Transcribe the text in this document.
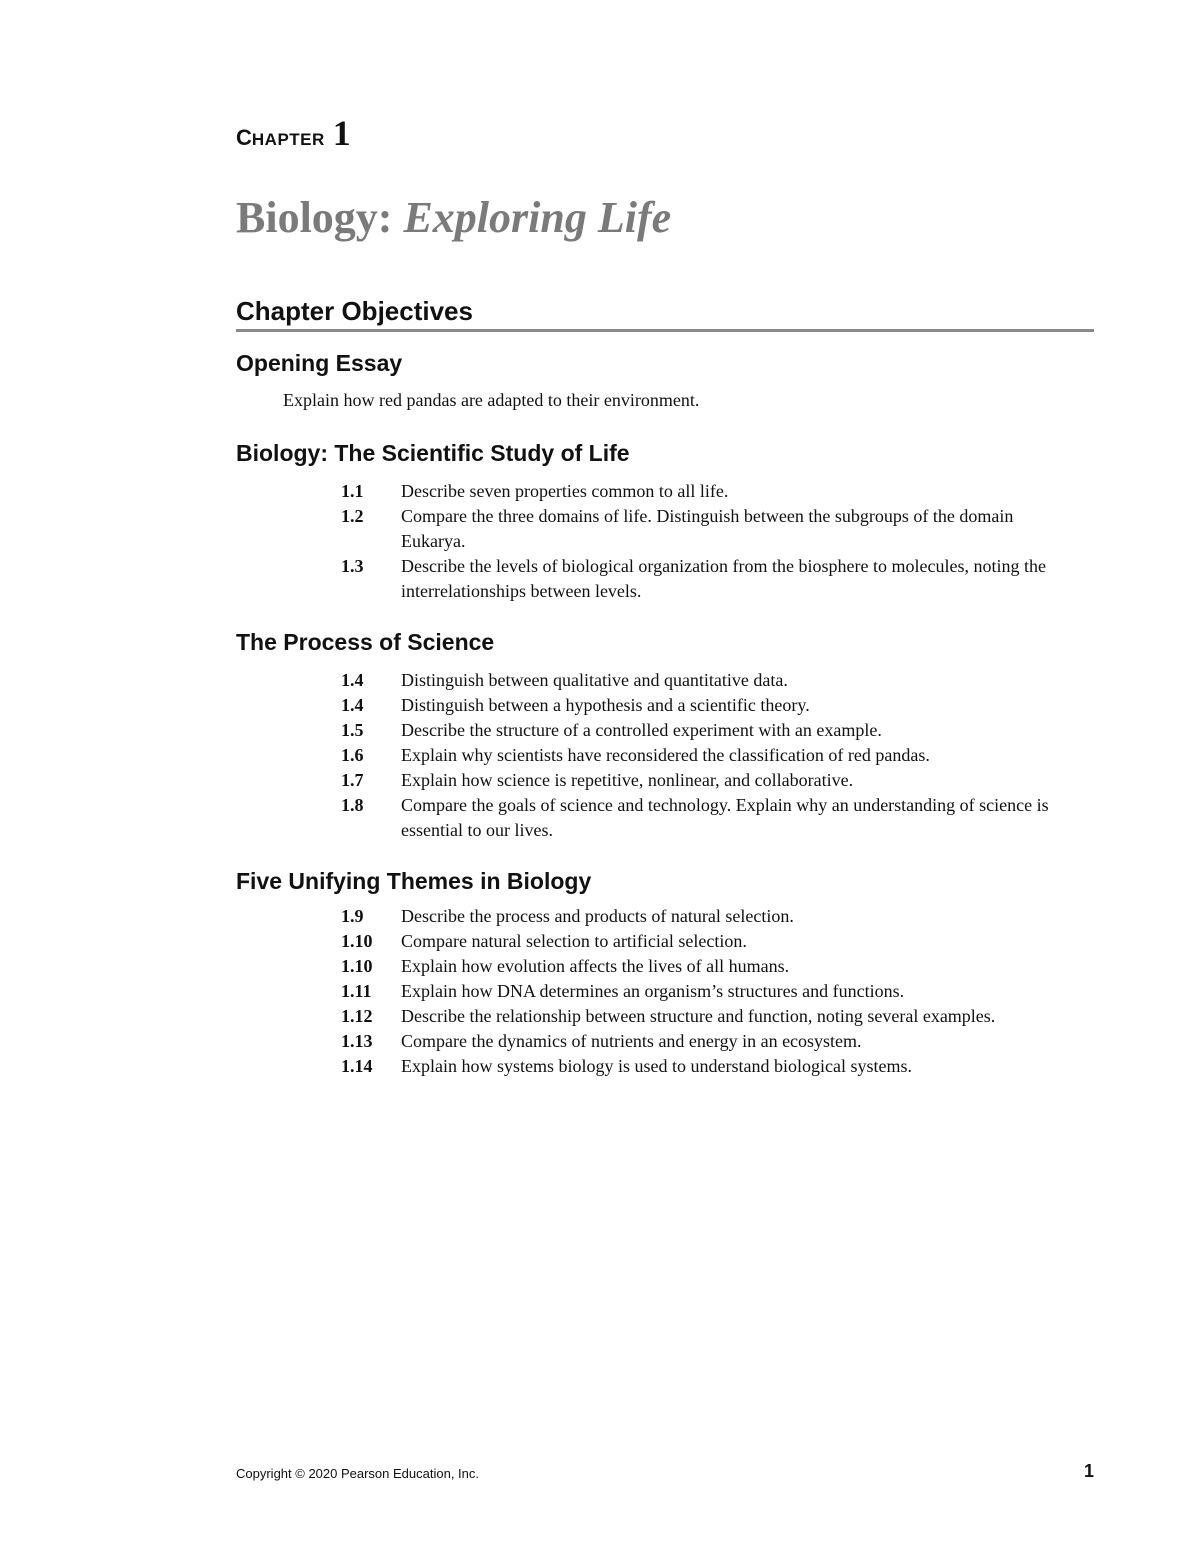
CHAPTER 1
Biology: Exploring Life
Chapter Objectives
Opening Essay
Explain how red pandas are adapted to their environment.
Biology: The Scientific Study of Life
1.1	Describe seven properties common to all life.
1.2	Compare the three domains of life. Distinguish between the subgroups of the domain Eukarya.
1.3	Describe the levels of biological organization from the biosphere to molecules, noting the interrelationships between levels.
The Process of Science
1.4	Distinguish between qualitative and quantitative data.
1.4	Distinguish between a hypothesis and a scientific theory.
1.5	Describe the structure of a controlled experiment with an example.
1.6	Explain why scientists have reconsidered the classification of red pandas.
1.7	Explain how science is repetitive, nonlinear, and collaborative.
1.8	Compare the goals of science and technology. Explain why an understanding of science is essential to our lives.
Five Unifying Themes in Biology
1.9	Describe the process and products of natural selection.
1.10	Compare natural selection to artificial selection.
1.10	Explain how evolution affects the lives of all humans.
1.11	Explain how DNA determines an organism’s structures and functions.
1.12	Describe the relationship between structure and function, noting several examples.
1.13	Compare the dynamics of nutrients and energy in an ecosystem.
1.14	Explain how systems biology is used to understand biological systems.
Copyright © 2020 Pearson Education, Inc.	1
